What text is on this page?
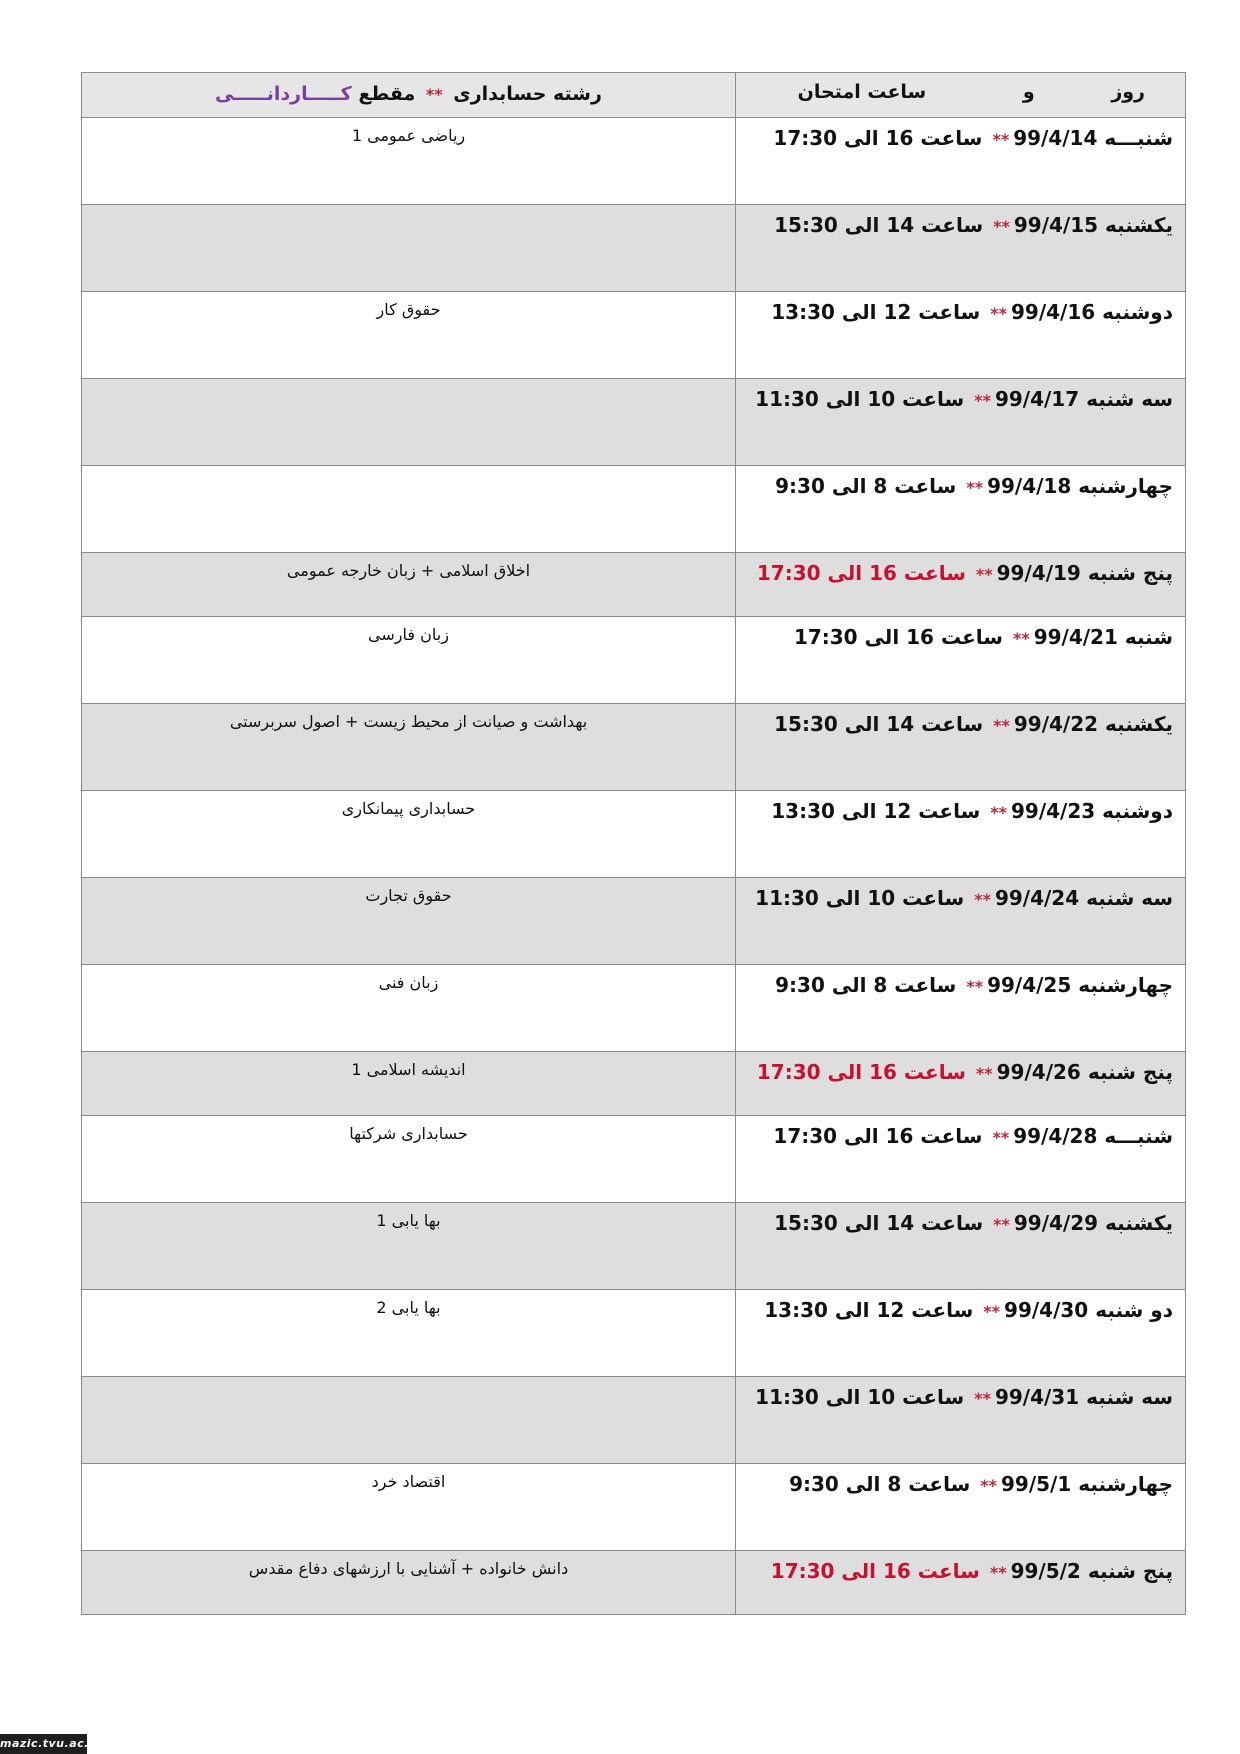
روز و ساعت امتحان	رشته حسابداری ** مقطع کـــــاردانـــــی

شنبـــه 99/4/14**ساعت 16 الی 17:30	ریاضی عمومی 1

یکشنبه 99/4/15**ساعت 14 الی 15:30	

دوشنبه 99/4/16**ساعت 12 الی 13:30	حقوق کار

سه شنبه 99/4/17**ساعت 10 الی 11:30	

چهارشنبه 99/4/18**ساعت 8 الی 9:30	

پنج شنبه 99/4/19**ساعت 16 الی 17:30	اخلاق اسلامی + زبان خارجه عمومی

شنبه 99/4/21**ساعت 16 الی 17:30	زبان فارسی

یکشنبه 99/4/22**ساعت 14 الی 15:30	بهداشت و صیانت از محیط زیست + اصول سربرستی

دوشنبه 99/4/23**ساعت 12 الی 13:30	حسابداری پیمانکاری

سه شنبه 99/4/24**ساعت 10 الی 11:30	حقوق تجارت

چهارشنبه 99/4/25**ساعت 8 الی 9:30	زبان فنی

پنج شنبه 99/4/26**ساعت 16 الی 17:30	اندیشه اسلامی 1

شنبـــه 99/4/28**ساعت 16 الی 17:30	حسابداری شرکتها

یکشنبه 99/4/29**ساعت 14 الی 15:30	بها یابی 1

دو شنبه 99/4/30**ساعت 12 الی 13:30	بها یابی 2

سه شنبه 99/4/31**ساعت 10 الی 11:30	

چهارشنبه 99/5/1**ساعت 8 الی 9:30	اقتصاد خرد

پنج شنبه 99/5/2**ساعت 16 الی 17:30	دانش خانواده + آشنایی با ارزشهای دفاع مقدس
mazic.tvu.ac.ir
